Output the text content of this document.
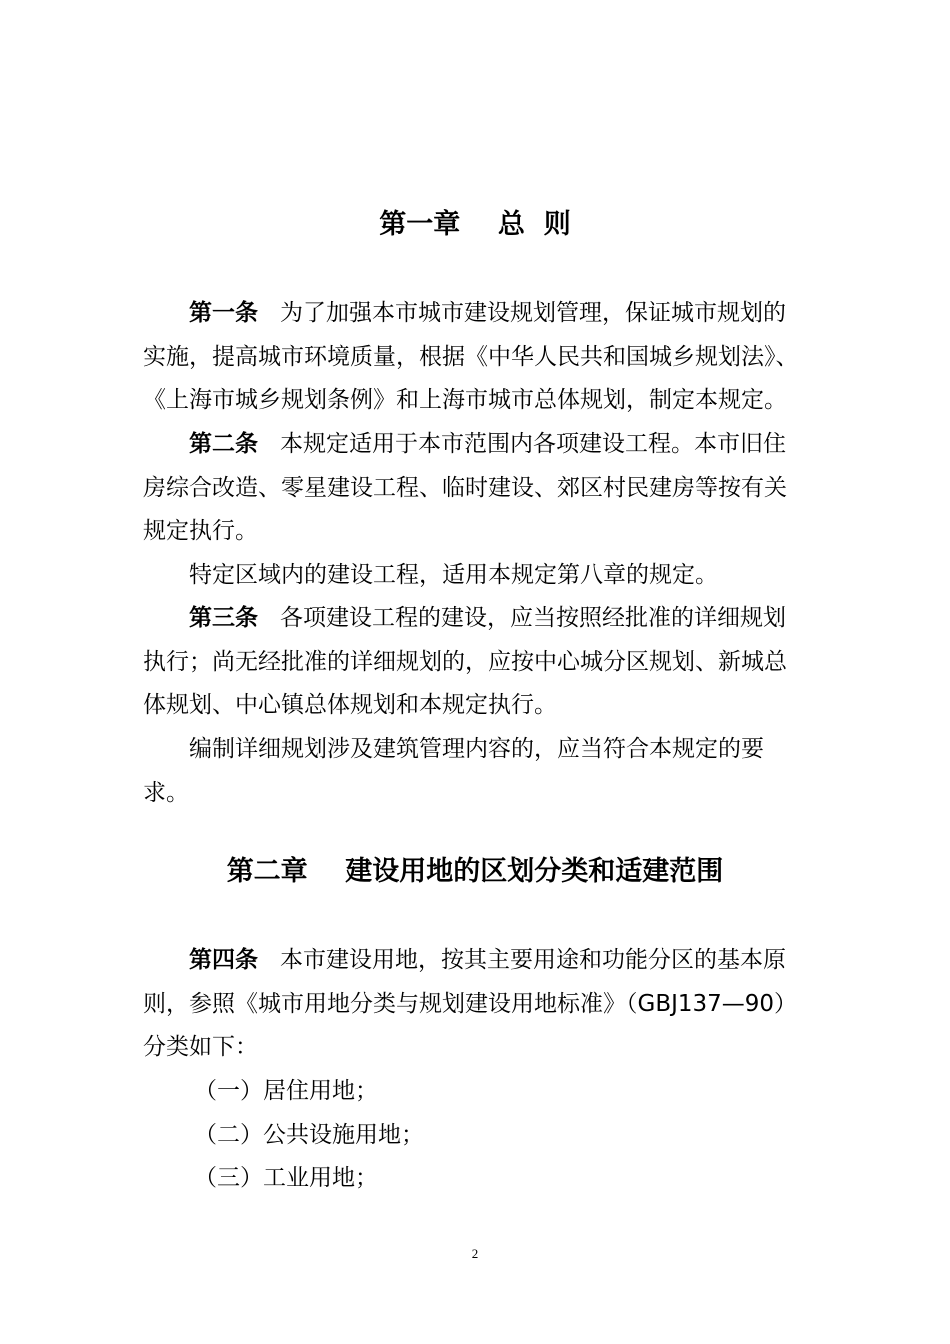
第一章    总  则
第一条 为了加强本市城市建设规划管理，保证城市规划的
实施，提高城市环境质量，根据《中华人民共和国城乡规划法》、
《上海市城乡规划条例》和上海市城市总体规划，制定本规定。
第二条 本规定适用于本市范围内各项建设工程。本市旧住
房综合改造、零星建设工程、临时建设、郊区村民建房等按有关
规定执行。
特定区域内的建设工程，适用本规定第八章的规定。
第三条 各项建设工程的建设，应当按照经批准的详细规划
执行；尚无经批准的详细规划的，应按中心城分区规划、新城总
体规划、中心镇总体规划和本规定执行。
编制详细规划涉及建筑管理内容的，应当符合本规定的要
求。
第二章    建设用地的区划分类和适建范围
第四条 本市建设用地，按其主要用途和功能分区的基本原
则，参照《城市用地分类与规划建设用地标准》（GBJ137—90）
分类如下：
（一）居住用地；
（二）公共设施用地；
（三）工业用地；
2
